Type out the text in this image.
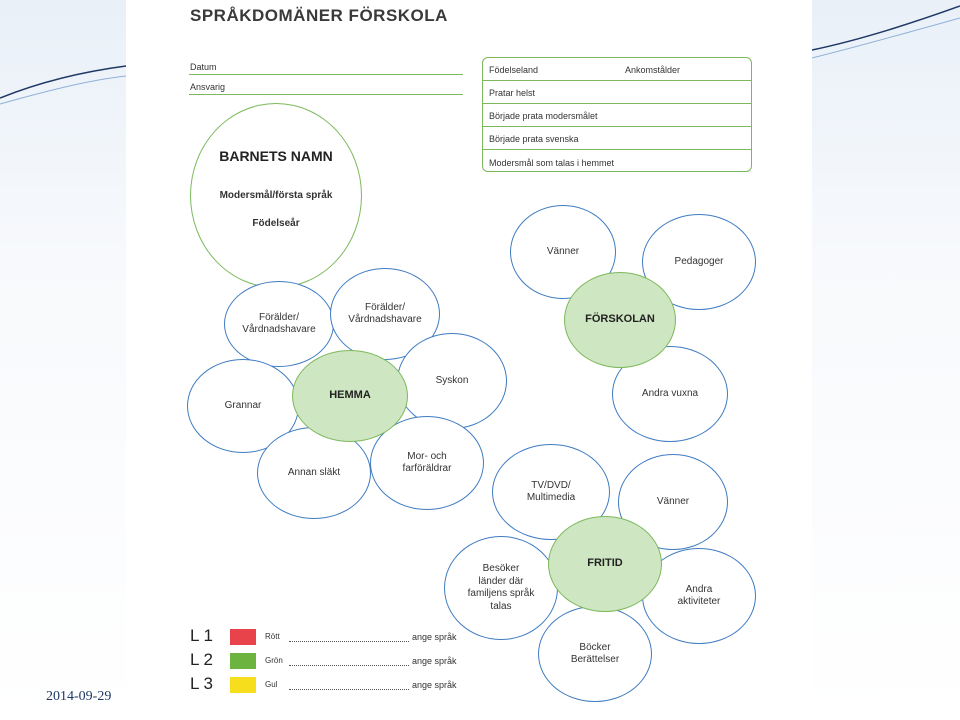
2014-09-29
SPRÅKDOMÄNER FÖRSKOLA
Datum
Ansvarig
Födelseland	Ankomstålder
Pratar helst
Började prata modersmålet
Började prata svenska
Modersmål som talas i hemmet
BARNETS NAMN
Modersmål/första språk
Födelseår
Förälder/
Vårdnadshavare
Förälder/
Vårdnadshavare
Syskon
Grannar
Annan släkt
Mor- och
farföräldrar
HEMMA
Vänner
Pedagoger
Andra vuxna
FÖRSKOLAN
TV/DVD/
Multimedia	Vänner
Besöker
länder där
familjens språk
talas
Andra
aktiviteter
Böcker
Berättelser
FRITID
L 1	Rött	ange språk
L 2	Grön	ange språk
L 3	Gul	ange språk
